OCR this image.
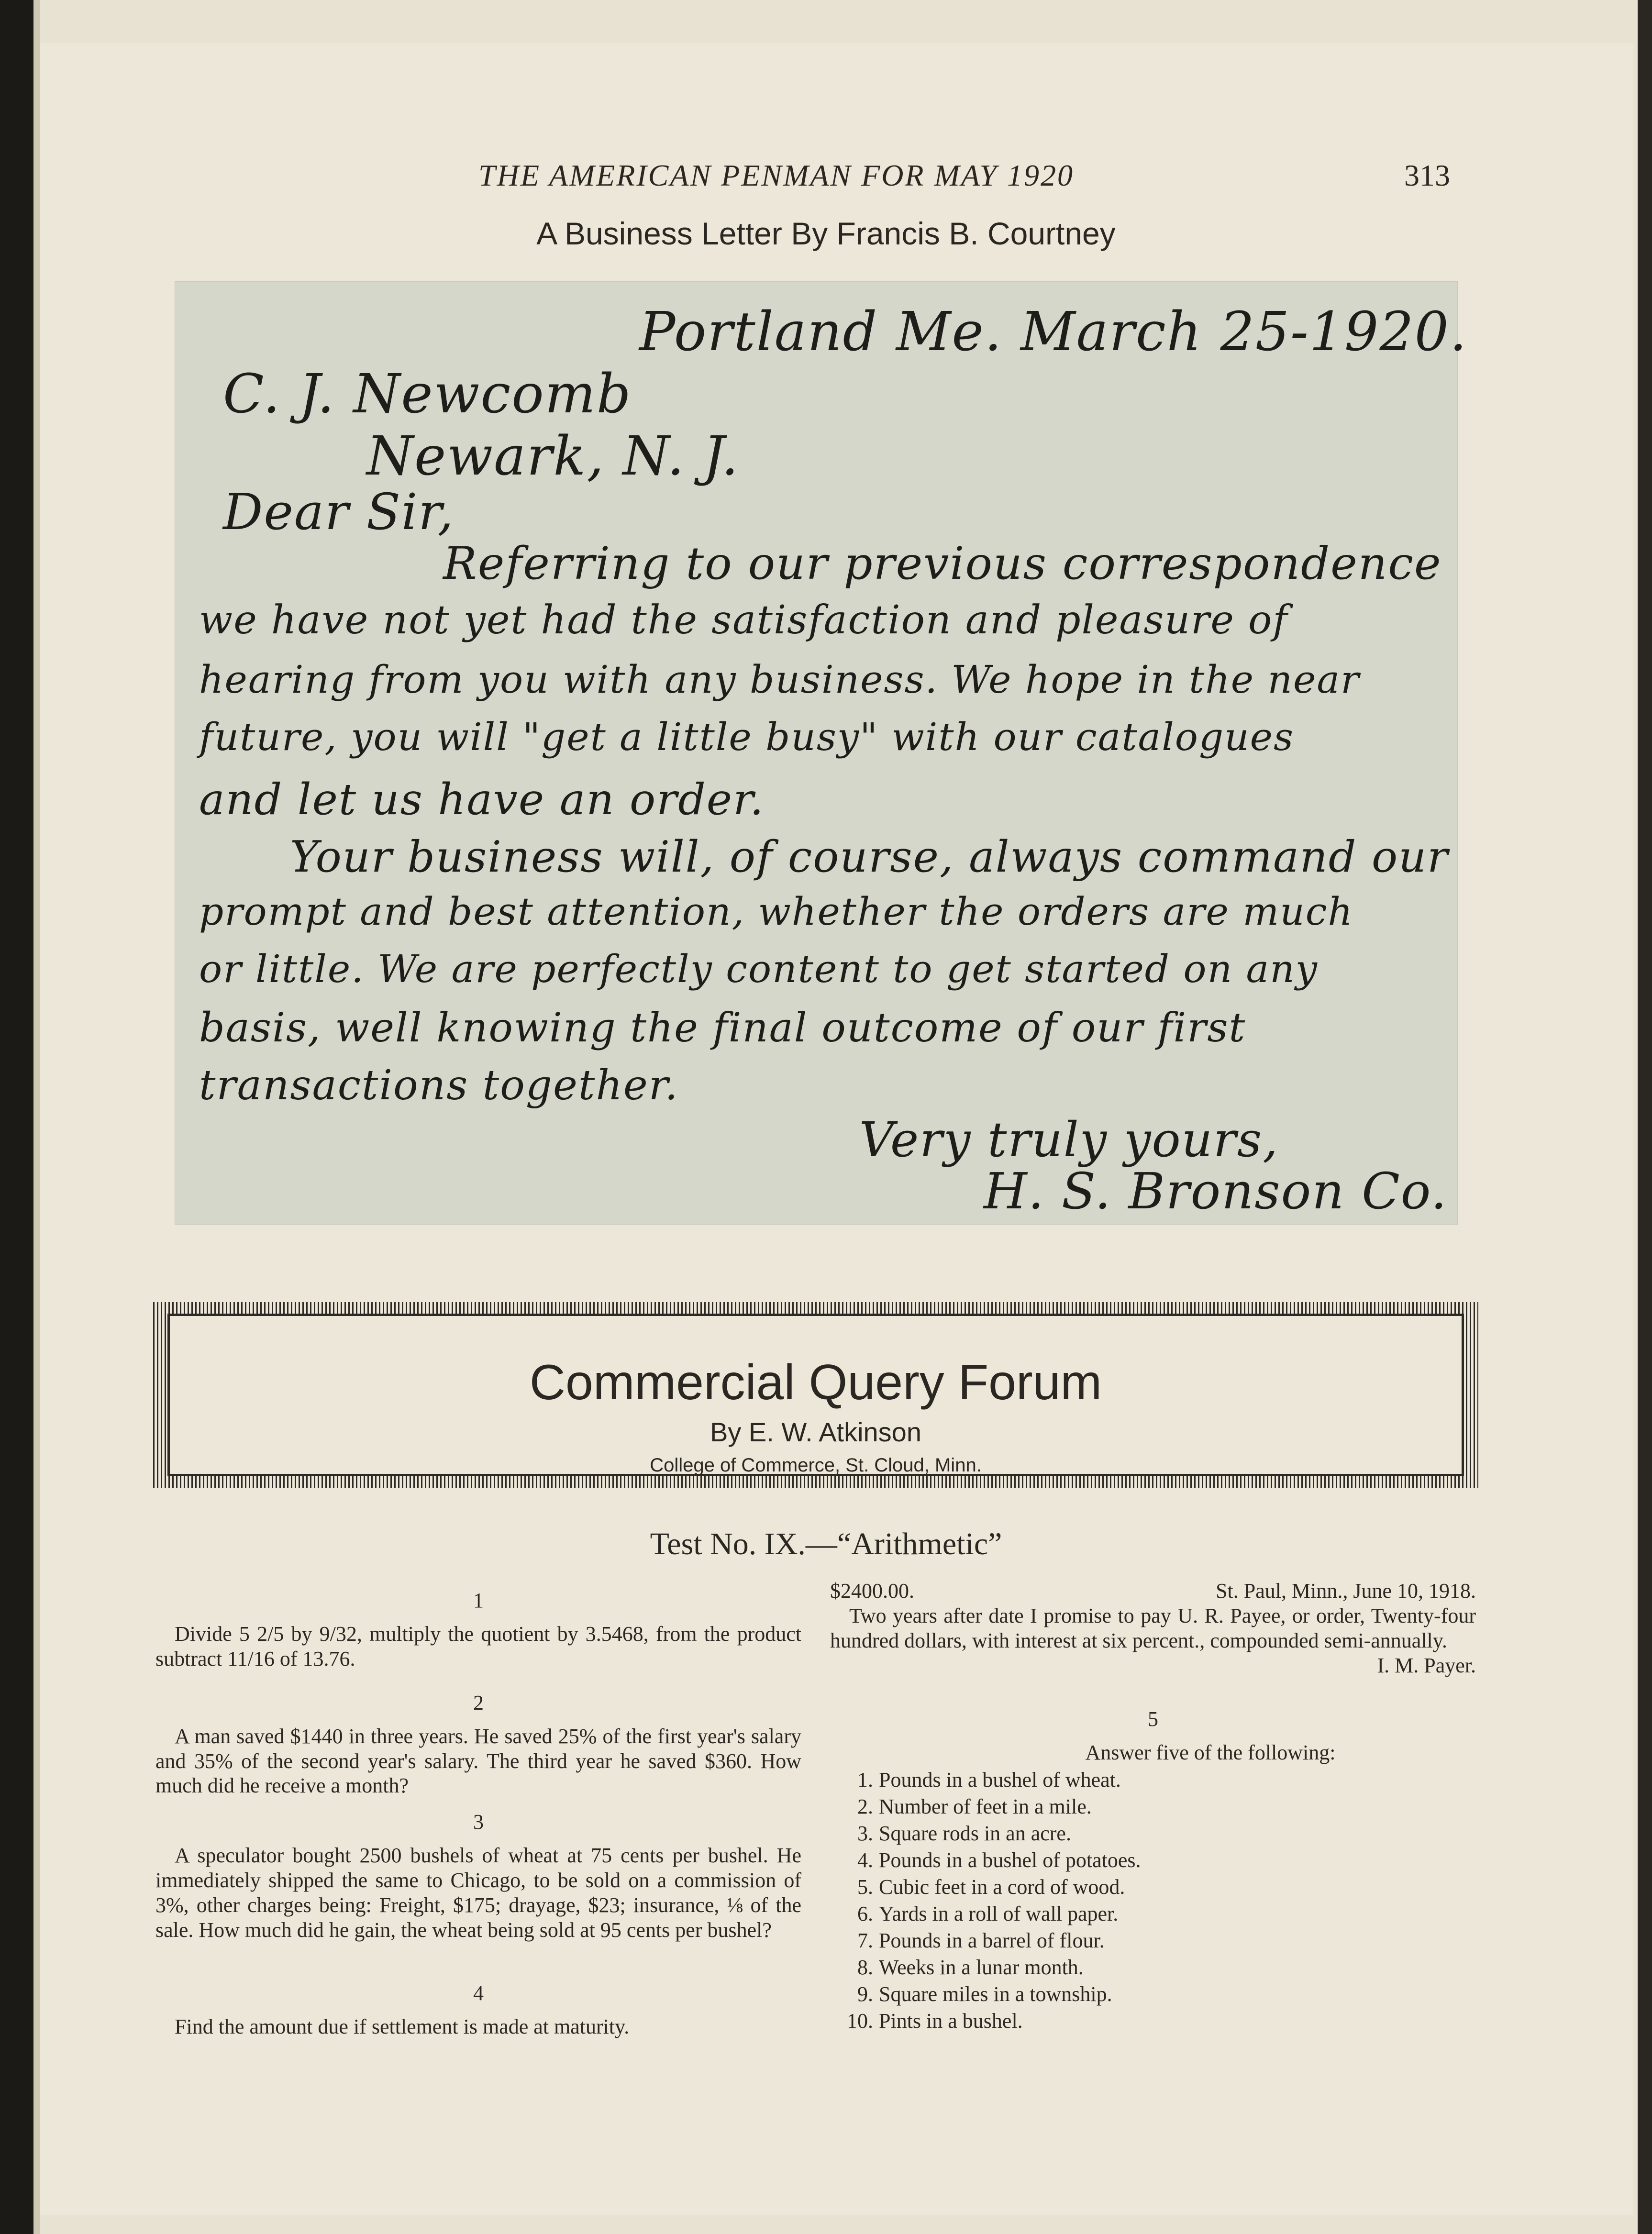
THE AMERICAN PENMAN FOR MAY 1920	313
A Business Letter By Francis B. Courtney
Portland Me. March 25-1920.
C. J. Newcomb
Newark, N. J.
Dear Sir,
Referring to our previous correspondence
we have not yet had the satisfaction and pleasure of
hearing from you with any business. We hope in the near
future, you will "get a little busy" with our catalogues
and let us have an order.
Your business will, of course, always command our
prompt and best attention, whether the orders are much
or little. We are perfectly content to get started on any
basis, well knowing the final outcome of our first
transactions together.
Very truly yours,
H. S. Bronson Co.
Commercial Query Forum
By E. W. Atkinson
College of Commerce, St. Cloud, Minn.
Test No. IX.—“Arithmetic”
1

Divide 5 2/5 by 9/32, multiply the quotient by 3.5468, from the product subtract 11/16 of 13.76.

2

A man saved $1440 in three years. He saved 25% of the first year's salary and 35% of the second year's salary. The third year he saved $360. How much did he receive a month?

3

A speculator bought 2500 bushels of wheat at 75 cents per bushel. He immediately shipped the same to Chicago, to be sold on a commission of 3%, other charges being: Freight, $175; drayage, $23; insurance, ⅛ of the sale. How much did he gain, the wheat being sold at 95 cents per bushel?

4

Find the amount due if settlement is made at maturity.

$2400.00.	St. Paul, Minn., June 10, 1918.

Two years after date I promise to pay U. R. Payee, or order, Twenty-four hundred dollars, with interest at six percent., compounded semi-annually.

I. M. Payer.

5
Answer five of the following:
1. Pounds in a bushel of wheat.
2. Number of feet in a mile.
3. Square rods in an acre.
4. Pounds in a bushel of potatoes.
5. Cubic feet in a cord of wood.
6. Yards in a roll of wall paper.
7. Pounds in a barrel of flour.
8. Weeks in a lunar month.
9. Square miles in a township.
10. Pints in a bushel.
